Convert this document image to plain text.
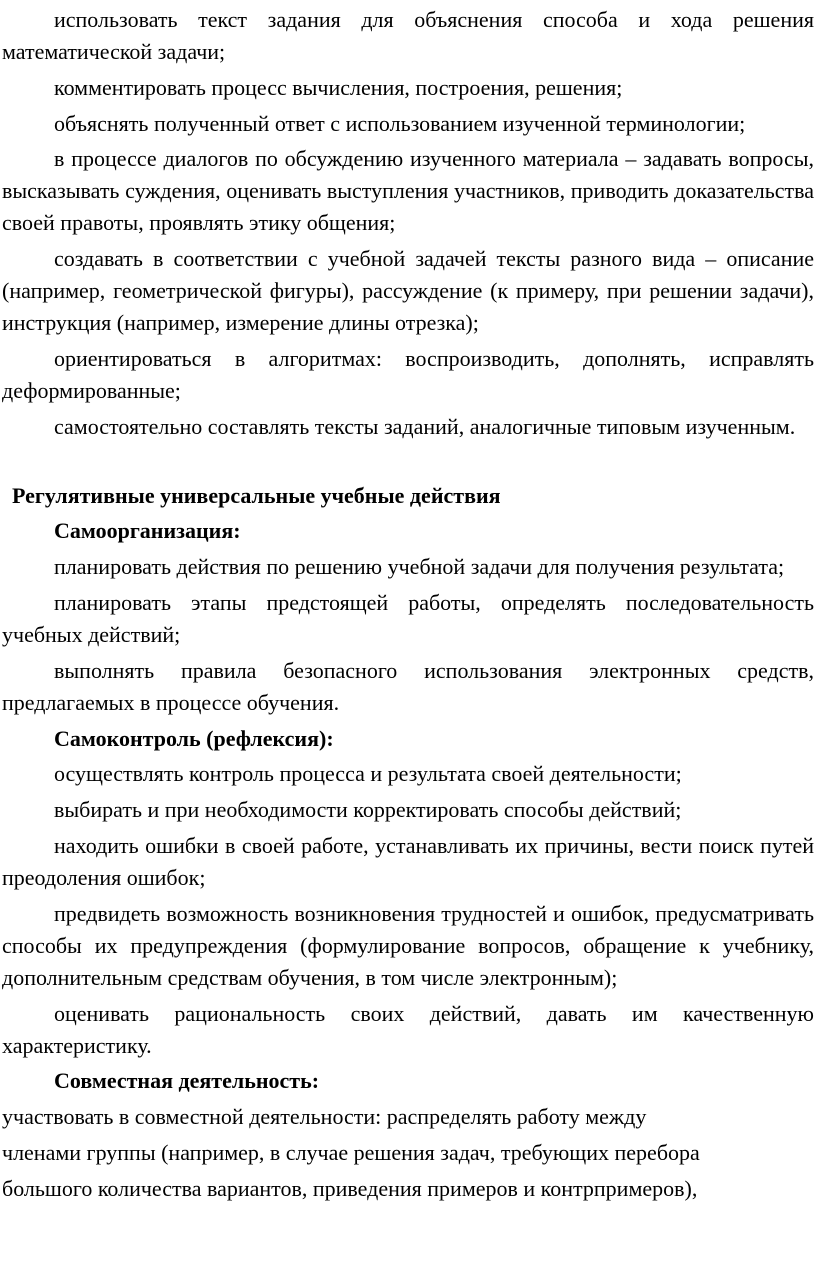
использовать текст задания для объяснения способа и хода решения математической задачи;

комментировать процесс вычисления, построения, решения;

объяснять полученный ответ с использованием изученной терминологии;

в процессе диалогов по обсуждению изученного материала – задавать вопросы, высказывать суждения, оценивать выступления участников, приводить доказательства своей правоты, проявлять этику общения;

создавать в соответствии с учебной задачей тексты разного вида – описание (например, геометрической фигуры), рассуждение (к примеру, при решении задачи), инструкция (например, измерение длины отрезка);

ориентироваться в алгоритмах: воспроизводить, дополнять, исправлять деформированные;

самостоятельно составлять тексты заданий, аналогичные типовым изученным.

Регулятивные универсальные учебные действия
Самоорганизация:

планировать действия по решению учебной задачи для получения результата;

планировать этапы предстоящей работы, определять последовательность учебных действий;

выполнять правила безопасного использования электронных средств, предлагаемых в процессе обучения.

Самоконтроль (рефлексия):

осуществлять контроль процесса и результата своей деятельности;

выбирать и при необходимости корректировать способы действий;

находить ошибки в своей работе, устанавливать их причины, вести поиск путей преодоления ошибок;

предвидеть возможность возникновения трудностей и ошибок, предусматривать способы их предупреждения (формулирование вопросов, обращение к учебнику, дополнительным средствам обучения, в том числе электронным);

оценивать рациональность своих действий, давать им качественную характеристику.

Совместная деятельность:
участвовать в совместной деятельности: распределять работу между
членами группы (например, в случае решения задач, требующих перебора
большого количества вариантов, приведения примеров и контрпримеров),
